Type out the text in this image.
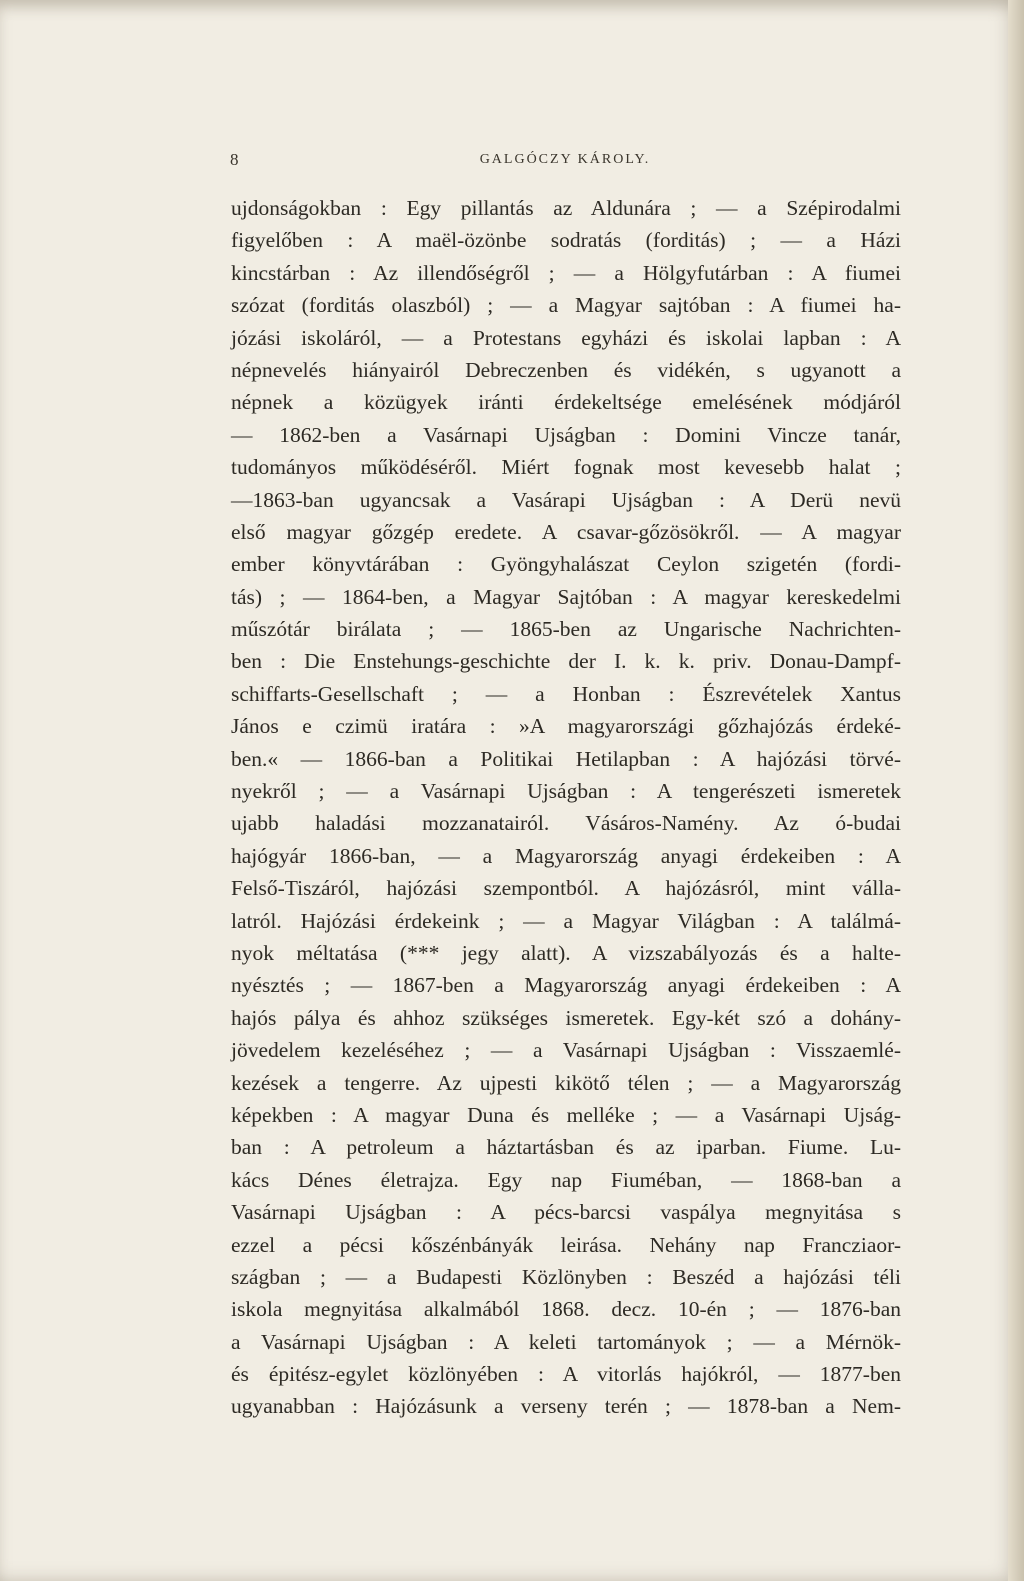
8	GALGÓCZY KÁROLY.
ujdonságokban : Egy pillantás az Aldunára ; — a Szépirodalmi
figyelőben : A maël-özönbe sodratás (forditás) ; — a Házi
kincstárban : Az illendőségről ; — a Hölgyfutárban : A fiumei
szózat (forditás olaszból) ; — a Magyar sajtóban : A fiumei ha-
józási iskoláról, — a Protestans egyházi és iskolai lapban : A
népnevelés hiányairól Debreczenben és vidékén, s ugyanott a
népnek a közügyek iránti érdekeltsége emelésének módjáról
— 1862-ben a Vasárnapi Ujságban : Domini Vincze tanár,
tudományos működéséről. Miért fognak most kevesebb halat ;
—1863-ban ugyancsak a Vasárapi Ujságban : A Derü nevü
első magyar gőzgép eredete. A csavar-gőzösökről. — A magyar
ember könyvtárában : Gyöngyhalászat Ceylon szigetén (fordi-
tás) ; — 1864-ben, a Magyar Sajtóban : A magyar kereskedelmi
műszótár birálata ; — 1865-ben az Ungarische Nachrichten-
ben : Die Enstehungs-geschichte der I. k. k. priv. Donau-Dampf-
schiffarts-Gesellschaft ; — a Honban : Észrevételek Xantus
János e czimü iratára : »A magyarországi gőzhajózás érdeké-
ben.« — 1866-ban a Politikai Hetilapban : A hajózási törvé-
nyekről ; — a Vasárnapi Ujságban : A tengerészeti ismeretek
ujabb haladási mozzanatairól. Vásáros-Namény. Az ó-budai
hajógyár 1866-ban, — a Magyarország anyagi érdekeiben : A
Felső-Tiszáról, hajózási szempontból. A hajózásról, mint válla-
latról. Hajózási érdekeink ; — a Magyar Világban : A találmá-
nyok méltatása (*** jegy alatt). A vizszabályozás és a halte-
nyésztés ; — 1867-ben a Magyarország anyagi érdekeiben : A
hajós pálya és ahhoz szükséges ismeretek. Egy-két szó a dohány-
jövedelem kezeléséhez ; — a Vasárnapi Ujságban : Visszaemlé-
kezések a tengerre. Az ujpesti kikötő télen ; — a Magyarország
képekben : A magyar Duna és melléke ; — a Vasárnapi Ujság-
ban : A petroleum a háztartásban és az iparban. Fiume. Lu-
kács Dénes életrajza. Egy nap Fiuméban, — 1868-ban a
Vasárnapi Ujságban : A pécs-barcsi vaspálya megnyitása s
ezzel a pécsi kőszénbányák leirása. Nehány nap Francziaor-
szágban ; — a Budapesti Közlönyben : Beszéd a hajózási téli
iskola megnyitása alkalmából 1868. decz. 10-én ; — 1876-ban
a Vasárnapi Ujságban : A keleti tartományok ; — a Mérnök-
és épitész-egylet közlönyében : A vitorlás hajókról, — 1877-ben
ugyanabban : Hajózásunk a verseny terén ; — 1878-ban a Nem-
